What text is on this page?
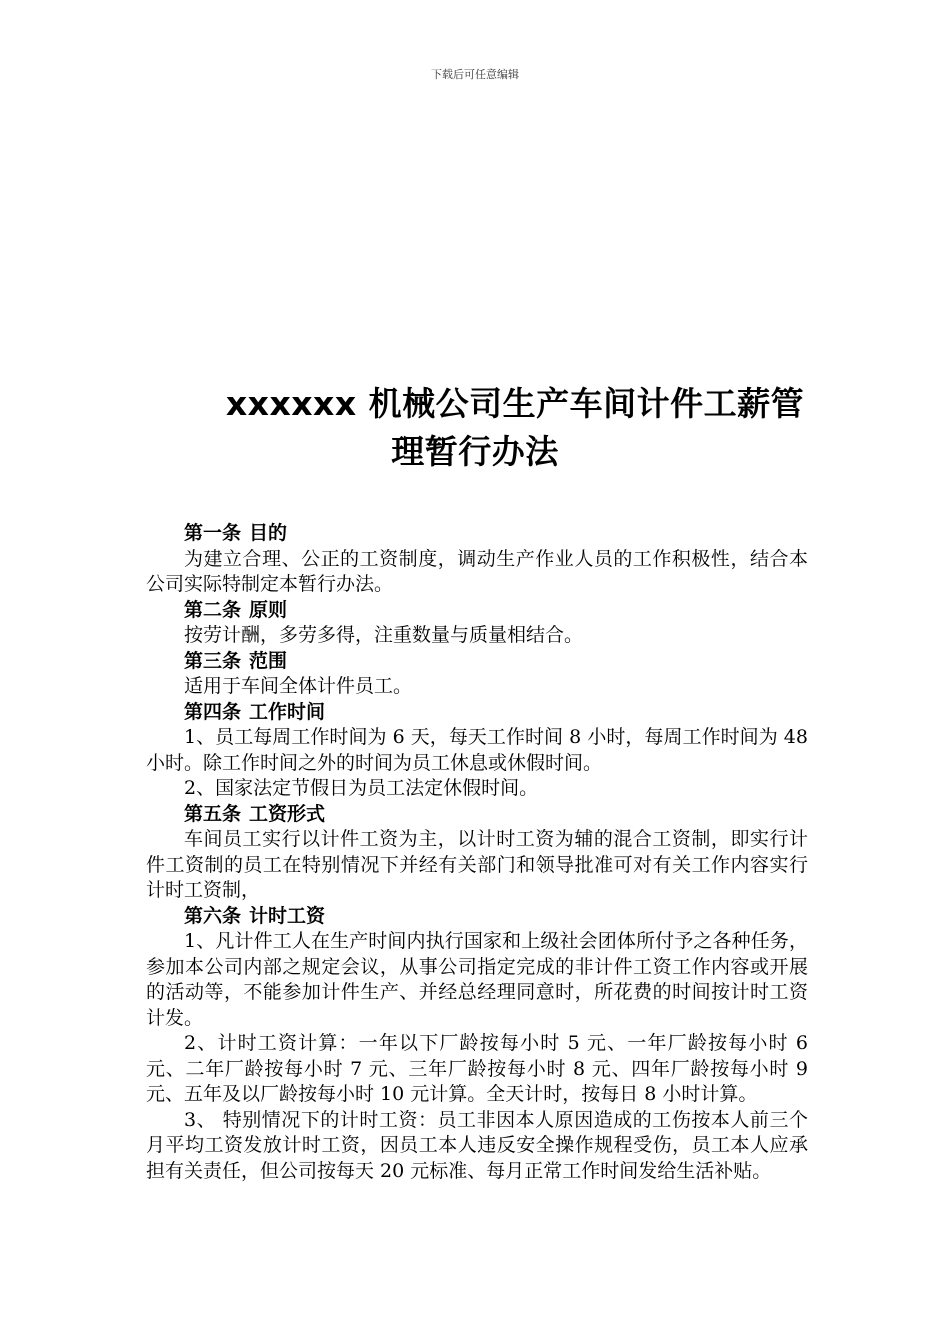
下载后可任意编辑
xxxxxx 机械公司生产车间计件工薪管
理暂行办法
第一条 目的

为建立合理、公正的工资制度，调动生产作业人员的工作积极性，结合本公司实际特制定本暂行办法。

第二条 原则

按劳计酬，多劳多得，注重数量与质量相结合。

第三条 范围

适用于车间全体计件员工。

第四条 工作时间

1、员工每周工作时间为 6 天，每天工作时间 8 小时，每周工作时间为 48 小时。除工作时间之外的时间为员工休息或休假时间。

2、国家法定节假日为员工法定休假时间。

第五条 工资形式

车间员工实行以计件工资为主，以计时工资为辅的混合工资制，即实行计件工资制的员工在特别情况下并经有关部门和领导批准可对有关工作内容实行计时工资制，

第六条 计时工资

1、凡计件工人在生产时间内执行国家和上级社会团体所付予之各种任务，参加本公司内部之规定会议，从事公司指定完成的非计件工资工作内容或开展的活动等，不能参加计件生产、并经总经理同意时，所花费的时间按计时工资计发。

2、计时工资计算：一年以下厂龄按每小时 5 元、一年厂龄按每小时 6 元、二年厂龄按每小时 7 元、三年厂龄按每小时 8 元、四年厂龄按每小时 9 元、五年及以厂龄按每小时 10 元计算。全天计时，按每日 8 小时计算。

3、 特别情况下的计时工资：员工非因本人原因造成的工伤按本人前三个月平均工资发放计时工资，因员工本人违反安全操作规程受伤，员工本人应承担有关责任，但公司按每天 20 元标准、每月正常工作时间发给生活补贴。
